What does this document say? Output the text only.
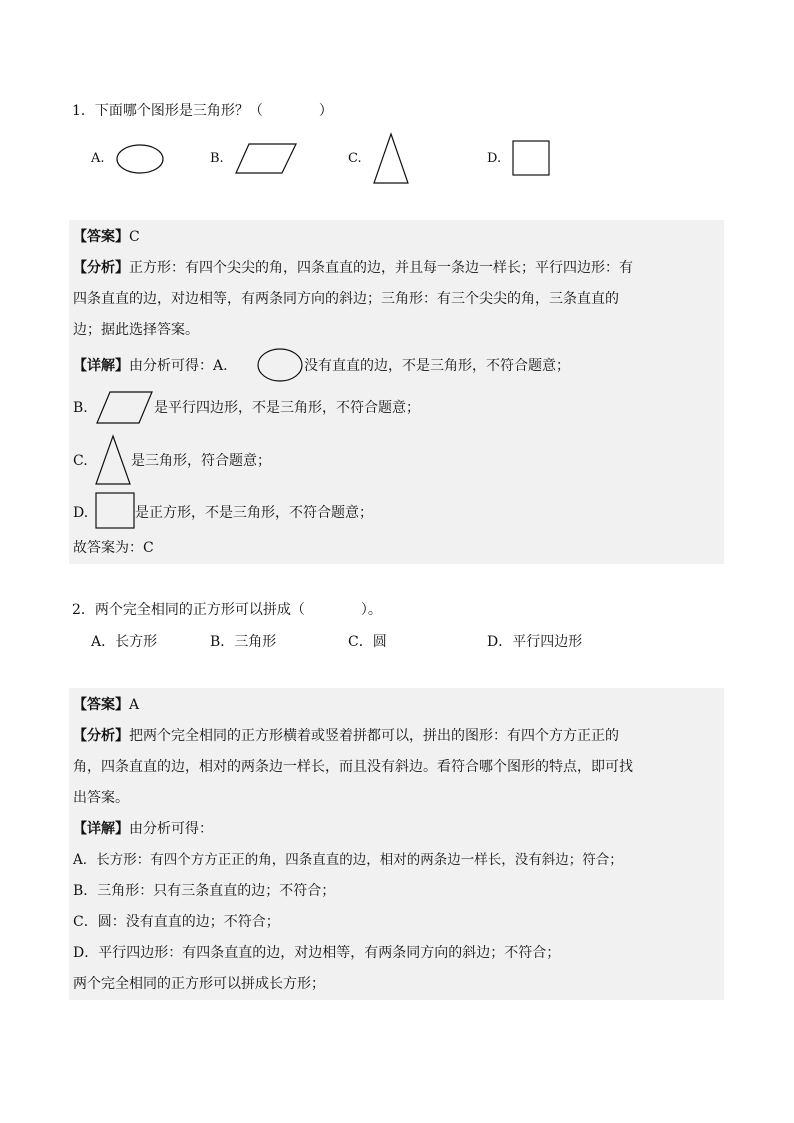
1．下面哪个图形是三角形？（　　　　）
A.	B.	C.	D.
【答案】C
【分析】正方形：有四个尖尖的角，四条直直的边，并且每一条边一样长；平行四边形：有
四条直直的边，对边相等，有两条同方向的斜边；三角形：有三个尖尖的角，三条直直的
边；据此选择答案。
【详解】由分析可得：A.	没有直直的边，不是三角形，不符合题意；
B.	是平行四边形，不是三角形，不符合题意；
C.	是三角形，符合题意；
D.	是正方形，不是三角形，不符合题意；
故答案为：C
2．两个完全相同的正方形可以拼成（　　　　）。
A．长方形	B．三角形	C．圆	D．平行四边形
【答案】A
【分析】把两个完全相同的正方形横着或竖着拼都可以，拼出的图形：有四个方方正正的
角，四条直直的边，相对的两条边一样长，而且没有斜边。看符合哪个图形的特点，即可找
出答案。
【详解】由分析可得：
A．长方形：有四个方方正正的角，四条直直的边，相对的两条边一样长，没有斜边；符合；
B．三角形：只有三条直直的边；不符合；
C．圆：没有直直的边；不符合；
D．平行四边形：有四条直直的边，对边相等，有两条同方向的斜边；不符合；
两个完全相同的正方形可以拼成长方形；
